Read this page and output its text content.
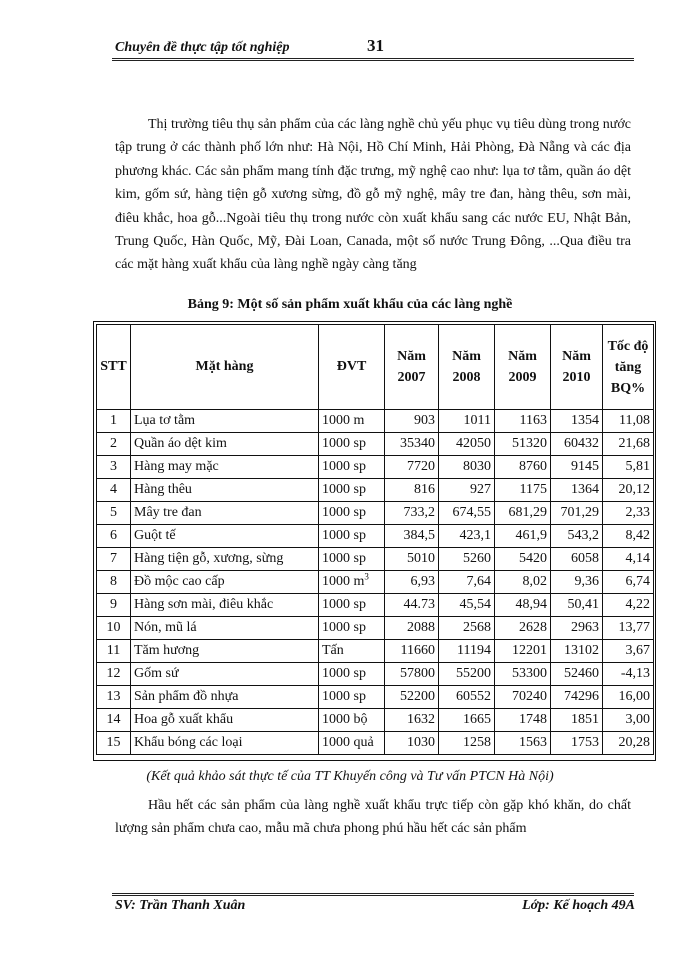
Chuyên đề thực tập tốt nghiệp	31

Thị trường tiêu thụ sản phẩm của các làng nghề chủ yếu phục vụ tiêu dùng trong nước tập trung ở các thành phố lớn như: Hà Nội, Hồ Chí Minh, Hải Phòng, Đà Nẵng và các địa phương khác. Các sản phẩm mang tính đặc trưng, mỹ nghệ cao như: lụa tơ tằm, quần áo dệt kim, gốm sứ, hàng tiện gỗ xương sừng, đồ gỗ mỹ nghệ, mây tre đan, hàng thêu, sơn mài, điêu khắc, hoa gỗ...Ngoài tiêu thụ trong nước còn xuất khẩu sang các nước EU, Nhật Bản, Trung Quốc, Hàn Quốc, Mỹ, Đài Loan, Canada, một số nước Trung Đông, ...Qua điều tra các mặt hàng xuất khẩu của làng nghề ngày càng tăng

Bảng 9: Một số sản phẩm xuất khẩu của các làng nghề
STT	Mặt hàng	ĐVT	Năm 2007	Năm 2008	Năm 2009	Năm 2010	Tốc độ tăng BQ%
1	Lụa tơ tằm	1000 m	903	1011	1163	1354	11,08
2	Quần áo dệt kim	1000 sp	35340	42050	51320	60432	21,68
3	Hàng may mặc	1000 sp	7720	8030	8760	9145	5,81
4	Hàng thêu	1000 sp	816	927	1175	1364	20,12
5	Mây tre đan	1000 sp	733,2	674,55	681,29	701,29	2,33
6	Guột tế	1000 sp	384,5	423,1	461,9	543,2	8,42
7	Hàng tiện gỗ, xương, sừng	1000 sp	5010	5260	5420	6058	4,14
8	Đồ mộc cao cấp	1000 $m^3$	6,93	7,64	8,02	9,36	6,74
9	Hàng sơn mài, điêu khắc	1000 sp	44.73	45,54	48,94	50,41	4,22
10	Nón, mũ lá	1000 sp	2088	2568	2628	2963	13,77
11	Tăm hương	Tấn	11660	11194	12201	13102	3,67
12	Gốm sứ	1000 sp	57800	55200	53300	52460	-4,13
13	Sản phẩm đồ nhựa	1000 sp	52200	60552	70240	74296	16,00
14	Hoa gỗ xuất khẩu	1000 bộ	1632	1665	1748	1851	3,00
15	Khẩu bóng các loại	1000 quả	1030	1258	1563	1753	20,28
(Kết quả khảo sát thực tế của TT Khuyến công và Tư vấn PTCN Hà Nội)

Hầu hết các sản phẩm của làng nghề xuất khẩu trực tiếp còn gặp khó khăn, do chất lượng sản phẩm chưa cao, mẫu mã chưa phong phú hầu hết các sản phẩm

SV: Trần Thanh Xuân	Lớp: Kế hoạch 49A
